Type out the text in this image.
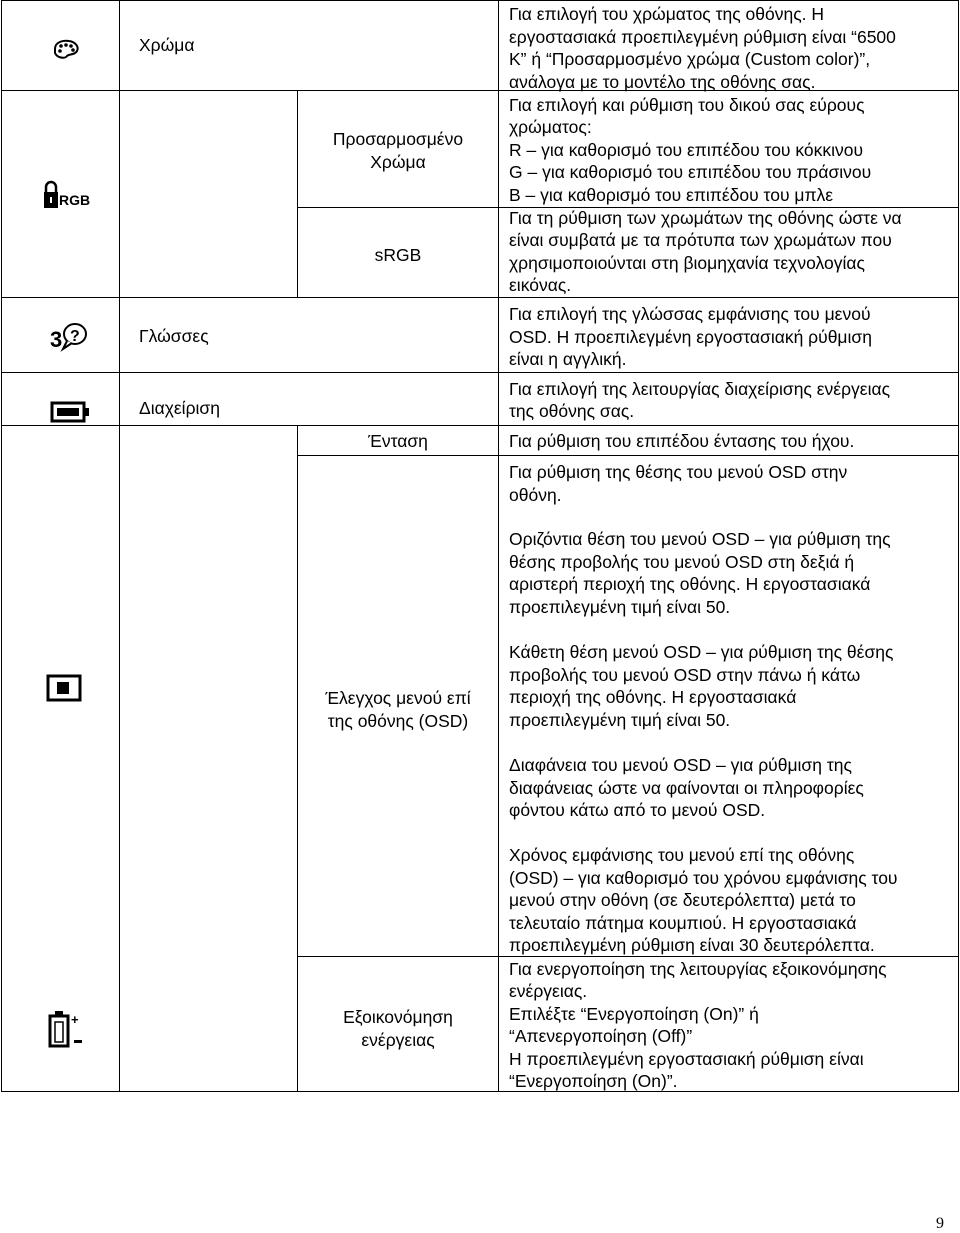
RGB
3 ?
+
Χρώμα
Προσαρμοσμένο
Χρώμα
sRGB
Γλώσσες
Διαχείριση
Ένταση
Έλεγχος μενού επί
της οθόνης (OSD)
Εξοικονόμηση
ενέργειας
Για επιλογή του χρώματος της οθόνης. Η
εργοστασιακά προεπιλεγμένη ρύθμιση είναι “6500
K” ή “Προσαρμοσμένο χρώμα (Custom color)”,
ανάλογα με το μοντέλο της οθόνης σας.
Για επιλογή και ρύθμιση του δικού σας εύρους
χρώματος:
R – για καθορισμό του επιπέδου του κόκκινου
G – για καθορισμό του επιπέδου του πράσινου
B – για καθορισμό του επιπέδου του μπλε
Για τη ρύθμιση των χρωμάτων της οθόνης ώστε να
είναι συμβατά με τα πρότυπα των χρωμάτων που
χρησιμοποιούνται στη βιομηχανία τεχνολογίας
εικόνας.
Για επιλογή της γλώσσας εμφάνισης του μενού
OSD. Η προεπιλεγμένη εργοστασιακή ρύθμιση
είναι η αγγλική.
Για επιλογή της λειτουργίας διαχείρισης ενέργειας
της οθόνης σας.
Για ρύθμιση του επιπέδου έντασης του ήχου.
Για ρύθμιση της θέσης του μενού OSD στην
οθόνη.
Οριζόντια θέση του μενού OSD – για ρύθμιση της
θέσης προβολής του μενού OSD στη δεξιά ή
αριστερή περιοχή της οθόνης. Η εργοστασιακά
προεπιλεγμένη τιμή είναι 50.
Κάθετη θέση μενού OSD – για ρύθμιση της θέσης
προβολής του μενού OSD στην πάνω ή κάτω
περιοχή της οθόνης. Η εργοστασιακά
προεπιλεγμένη τιμή είναι 50.
Διαφάνεια του μενού OSD – για ρύθμιση της
διαφάνειας ώστε να φαίνονται οι πληροφορίες
φόντου κάτω από το μενού OSD.
Χρόνος εμφάνισης του μενού επί της οθόνης
(OSD) – για καθορισμό του χρόνου εμφάνισης του
μενού στην οθόνη (σε δευτερόλεπτα) μετά το
τελευταίο πάτημα κουμπιού. Η εργοστασιακά
προεπιλεγμένη ρύθμιση είναι 30 δευτερόλεπτα.
Για ενεργοποίηση της λειτουργίας εξοικονόμησης
ενέργειας.
Επιλέξτε “Ενεργοποίηση (On)” ή
“Απενεργοποίηση (Off)”
Η προεπιλεγμένη εργοστασιακή ρύθμιση είναι
“Ενεργοποίηση (On)”.
9
